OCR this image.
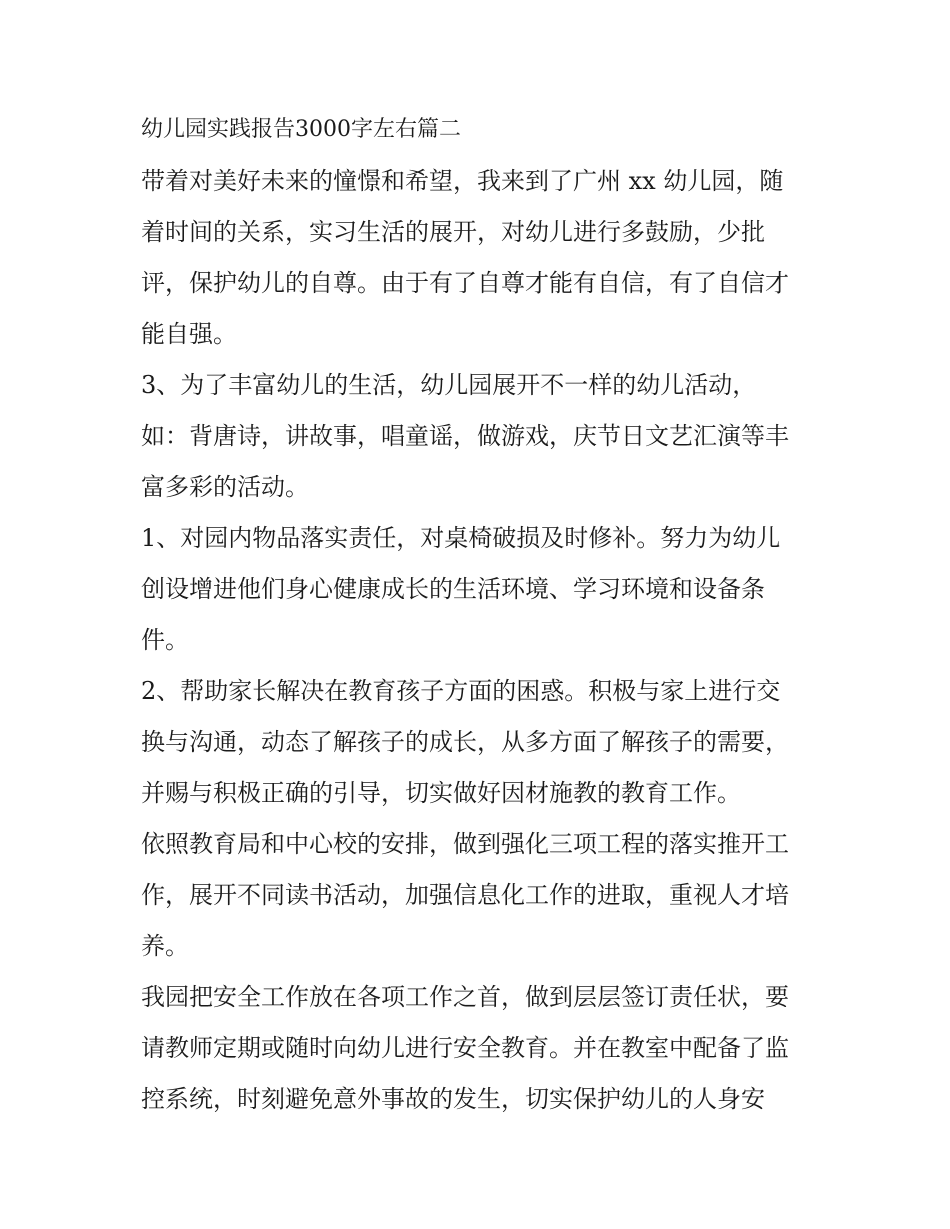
幼儿园实践报告3000字左右篇二
带着对美好未来的憧憬和希望，我来到了广州 xx 幼儿园，随
着时间的关系，实习生活的展开，对幼儿进行多鼓励，少批
评，保护幼儿的自尊。由于有了自尊才能有自信，有了自信才
能自强。
3、为了丰富幼儿的生活，幼儿园展开不一样的幼儿活动，
如：背唐诗，讲故事，唱童谣，做游戏，庆节日文艺汇演等丰
富多彩的活动。
1、对园内物品落实责任，对桌椅破损及时修补。努力为幼儿
创设增进他们身心健康成长的生活环境、学习环境和设备条
件。
2、帮助家长解决在教育孩子方面的困惑。积极与家上进行交
换与沟通，动态了解孩子的成长，从多方面了解孩子的需要，
并赐与积极正确的引导，切实做好因材施教的教育工作。
依照教育局和中心校的安排，做到强化三项工程的落实推开工
作，展开不同读书活动，加强信息化工作的进取，重视人才培
养。
我园把安全工作放在各项工作之首，做到层层签订责任状，要
请教师定期或随时向幼儿进行安全教育。并在教室中配备了监
控系统，时刻避免意外事故的发生，切实保护幼儿的人身安
